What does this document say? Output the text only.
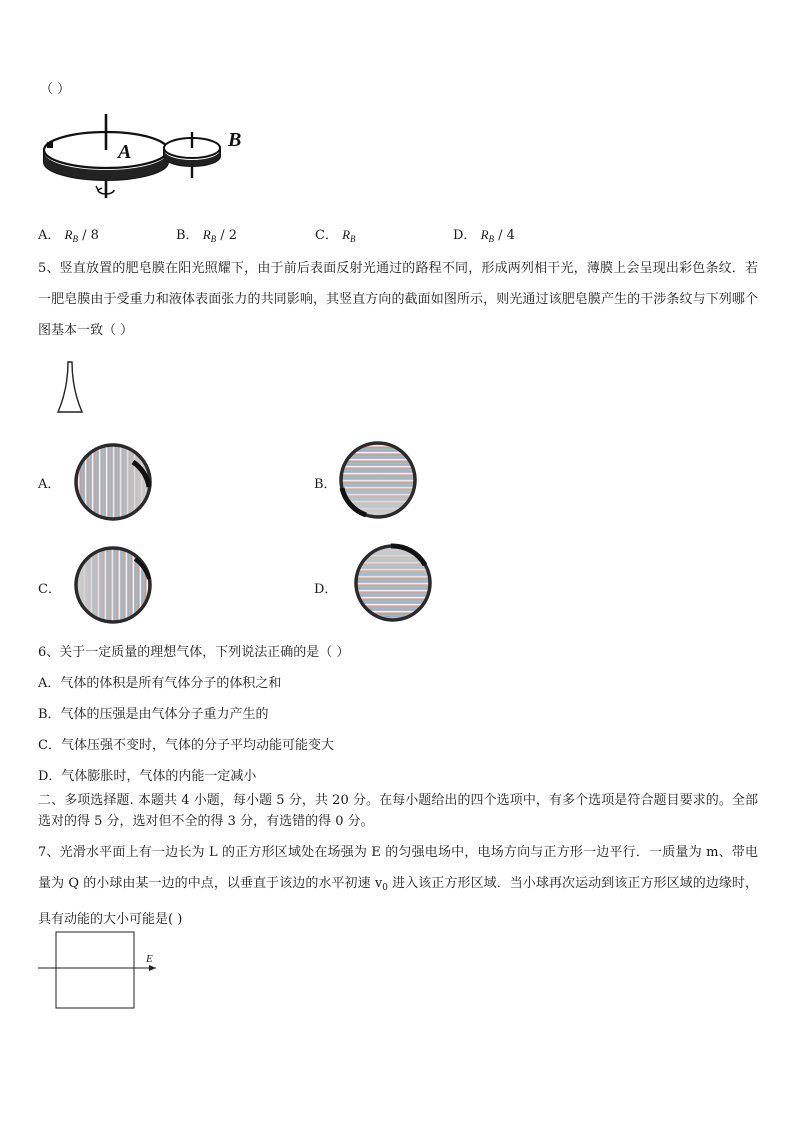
（ ）
A
B
A． $R_B / 8$	B． $R_B / 2$	C． $R_B$	D． $R_B / 4$
5、竖直放置的肥皂膜在阳光照耀下，由于前后表面反射光通过的路程不同，形成两列相干光，薄膜上会呈现出彩色条纹．若一肥皂膜由于受重力和液体表面张力的共同影响，其竖直方向的截面如图所示，则光通过该肥皂膜产生的干涉条纹与下列哪个图基本一致（ ）
A．	B．
C．	D．
6、关于一定质量的理想气体，下列说法正确的是（ ）
A．气体的体积是所有气体分子的体积之和
B．气体的压强是由气体分子重力产生的
C．气体压强不变时，气体的分子平均动能可能变大
D．气体膨胀时，气体的内能一定减小
二、多项选择题. 本题共 4 小题，每小题 5 分，共 20 分。在每小题给出的四个选项中，有多个选项是符合题目要求的。全部选对的得 5 分，选对但不全的得 3 分，有选错的得 0 分。
7、光滑水平面上有一边长为 L 的正方形区域处在场强为 E 的匀强电场中，电场方向与正方形一边平行．一质量为 m、带电量为 Q 的小球由某一边的中点，以垂直于该边的水平初速 $v_0$ 进入该正方形区域．当小球再次运动到该正方形区域的边缘时，具有动能的大小可能是( )
E
